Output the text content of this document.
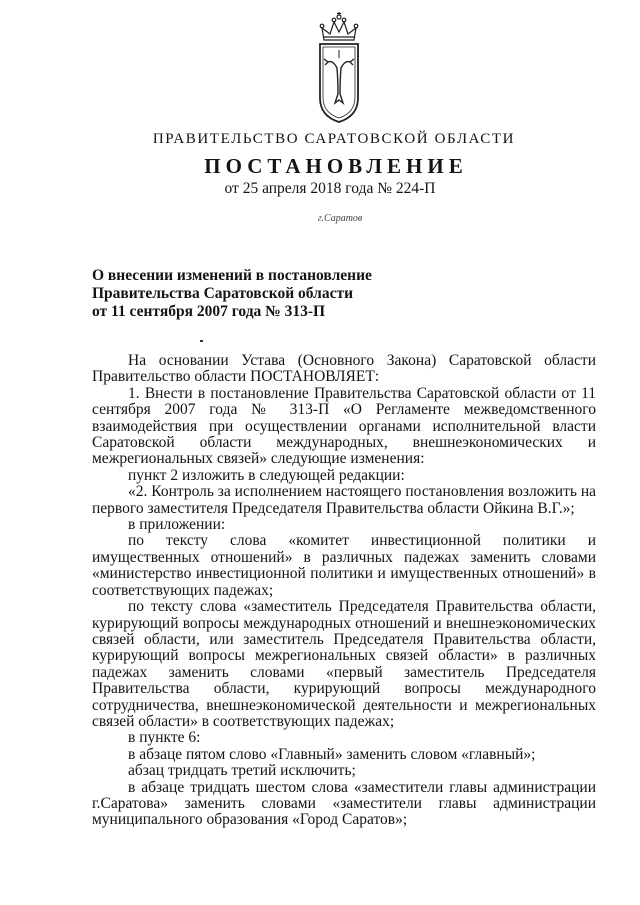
ПРАВИТЕЛЬСТВО САРАТОВСКОЙ ОБЛАСТИ
ПОСТАНОВЛЕНИЕ
от 25 апреля 2018 года № 224-П
г.Саратов
О внесении изменений в постановление
Правительства Саратовской области
от 11 сентября 2007 года № 313-П

На основании Устава (Основного Закона) Саратовской области Правительство области ПОСТАНОВЛЯЕТ:

1. Внести в постановление Правительства Саратовской области от 11 сентября 2007 года № 313-П «О Регламенте межведомственного взаимодействия при осуществлении органами исполнительной власти Саратовской области международных, внешнеэкономических и межрегиональных связей» следующие изменения:

пункт 2 изложить в следующей редакции:

«2. Контроль за исполнением настоящего постановления возложить на первого заместителя Председателя Правительства области Ойкина В.Г.»;

в приложении:

по тексту слова «комитет инвестиционной политики и имущественных отношений» в различных падежах заменить словами «министерство инвестиционной политики и имущественных отношений» в соответствующих падежах;

по тексту слова «заместитель Председателя Правительства области, курирующий вопросы международных отношений и внешнеэкономических связей области, или заместитель Председателя Правительства области, курирующий вопросы межрегиональных связей области» в различных падежах заменить словами «первый заместитель Председателя Правительства области, курирующий вопросы международного сотрудничества, внешнеэкономической деятельности и межрегиональных связей области» в соответствующих падежах;

в пункте 6:

в абзаце пятом слово «Главный» заменить словом «главный»;

абзац тридцать третий исключить;

в абзаце тридцать шестом слова «заместители главы администрации г.Саратова» заменить словами «заместители главы администрации муниципального образования «Город Саратов»;
